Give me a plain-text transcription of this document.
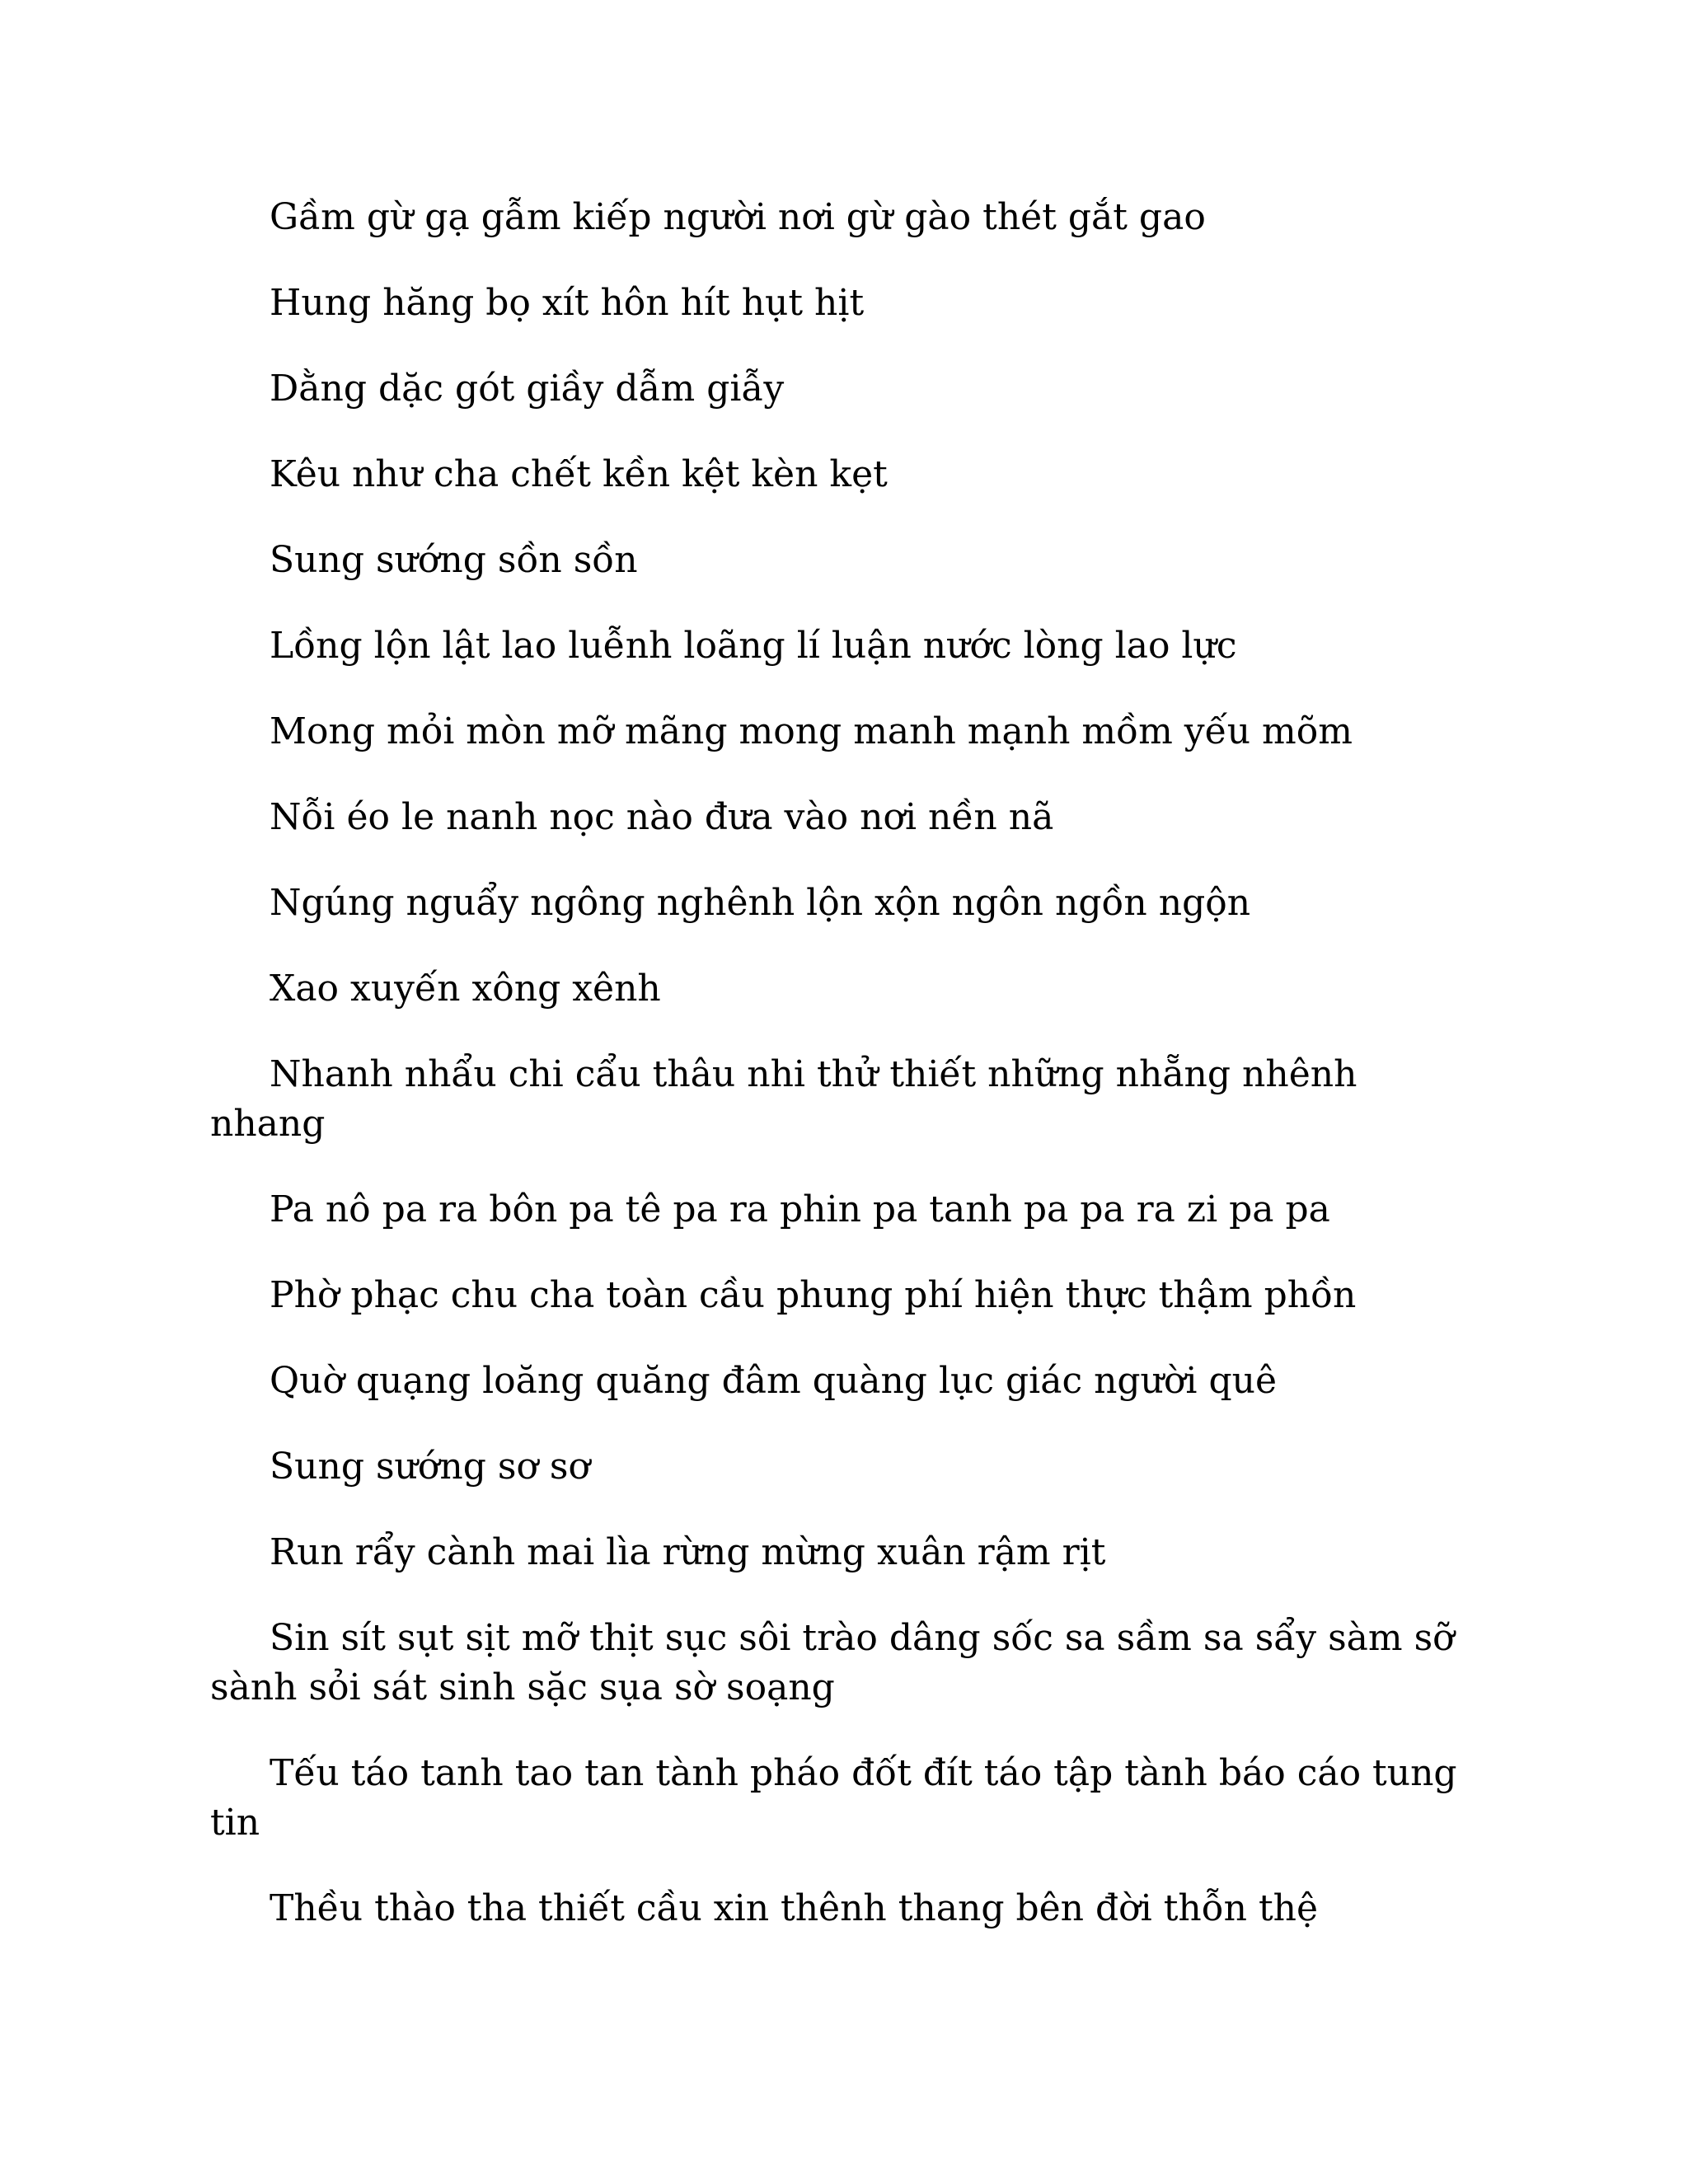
Gầm gừ gạ gẫm kiếp người nơi gừ gào thét gắt gao

Hung hăng bọ xít hôn hít hụt hịt

Dằng dặc gót giầy dẫm giẫy

Kêu như cha chết kền kệt kèn kẹt

Sung sướng sồn sồn

Lồng lộn lật lao luễnh loãng lí luận nước lòng lao lực

Mong mỏi mòn mỡ mãng mong manh mạnh mồm yếu mõm

Nỗi éo le nanh nọc nào đưa vào nơi nền nã

Ngúng nguẩy ngông nghênh lộn xộn ngôn ngồn ngộn

Xao xuyến xông xênh

Nhanh nhẩu chi cẩu thâu nhi thử thiết những nhẵng nhênh nhang

Pa nô pa ra bôn pa tê pa ra phin pa tanh pa pa ra zi pa pa

Phờ phạc chu cha toàn cầu phung phí hiện thực thậm phồn

Quờ quạng loăng quăng đâm quàng lục giác người quê

Sung sướng sơ sơ

Run rẩy cành mai lìa rừng mừng xuân rậm rịt

Sin sít sụt sịt mỡ thịt sục sôi trào dâng sốc sa sầm sa sẩy sàm sỡ sành sỏi sát sinh sặc sụa sờ soạng

Tếu táo tanh tao tan tành pháo đốt đít táo tập tành báo cáo tung tin

Thều thào tha thiết cầu xin thênh thang bên đời thỗn thệ
